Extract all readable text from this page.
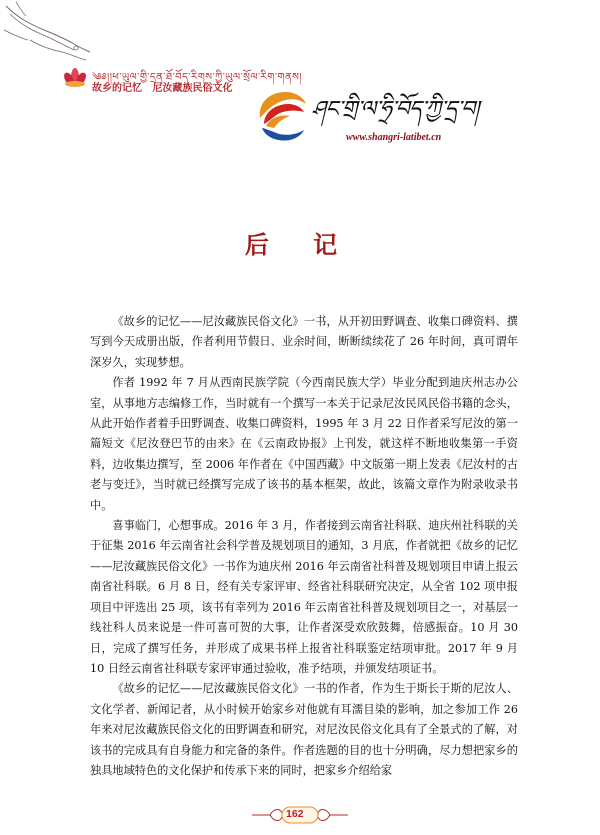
༄༅།།ཕ་ཡུལ་གྱི་དྲན་ཐོ་བོད་རིགས་ཀྱི་ཡུལ་སྲོལ་རིག་གནས།
故乡的记忆 尼汝藏族民俗文化
ཤང་གྲི་ལ་ཧྲི་བོད་ཀྱི་དྲ་བ།
www.shangri-latibet.cn
后 记

《故乡的记忆——尼汝藏族民俗文化》一书，从开初田野调查、收集口碑资料、撰写到今天成册出版，作者利用节假日、业余时间，断断续续花了 26 年时间，真可谓年深岁久，实现梦想。

作者 1992 年 7 月从西南民族学院（今西南民族大学）毕业分配到迪庆州志办公室，从事地方志编修工作，当时就有一个撰写一本关于记录尼汝民风民俗书籍的念头，从此开始作者着手田野调查、收集口碑资料，1995 年 3 月 22 日作者采写尼汝的第一篇短文《尼汝登巴节的由来》在《云南政协报》上刊发，就这样不断地收集第一手资料，边收集边撰写，至 2006 年作者在《中国西藏》中文版第一期上发表《尼汝村的古老与变迁》，当时就已经撰写完成了该书的基本框架，故此，该篇文章作为附录收录书中。

喜事临门，心想事成。2016 年 3 月，作者接到云南省社科联、迪庆州社科联的关于征集 2016 年云南省社会科学普及规划项目的通知，3 月底，作者就把《故乡的记忆——尼汝藏族民俗文化》一书作为迪庆州 2016 年云南省社科普及规划项目申请上报云南省社科联。6 月 8 日，经有关专家评审、经省社科联研究决定，从全省 102 项申报项目中评选出 25 项，该书有幸列为 2016 年云南省社科普及规划项目之一，对基层一线社科人员来说是一件可喜可贺的大事，让作者深受欢欣鼓舞，倍感振奋。10 月 30 日，完成了撰写任务，并形成了成果书样上报省社科联鉴定结项审批。2017 年 9 月 10 日经云南省社科联专家评审通过验收，准予结项，并颁发结项证书。

《故乡的记忆——尼汝藏族民俗文化》一书的作者，作为生于斯长于斯的尼汝人、文化学者、新闻记者，从小时候开始家乡对他就有耳濡目染的影响，加之参加工作 26 年来对尼汝藏族民俗文化的田野调查和研究，对尼汝民俗文化具有了全景式的了解，对该书的完成具有自身能力和完备的条件。作者选题的目的也十分明确，尽力想把家乡的独具地域特色的文化保护和传承下来的同时，把家乡介绍给家

162
